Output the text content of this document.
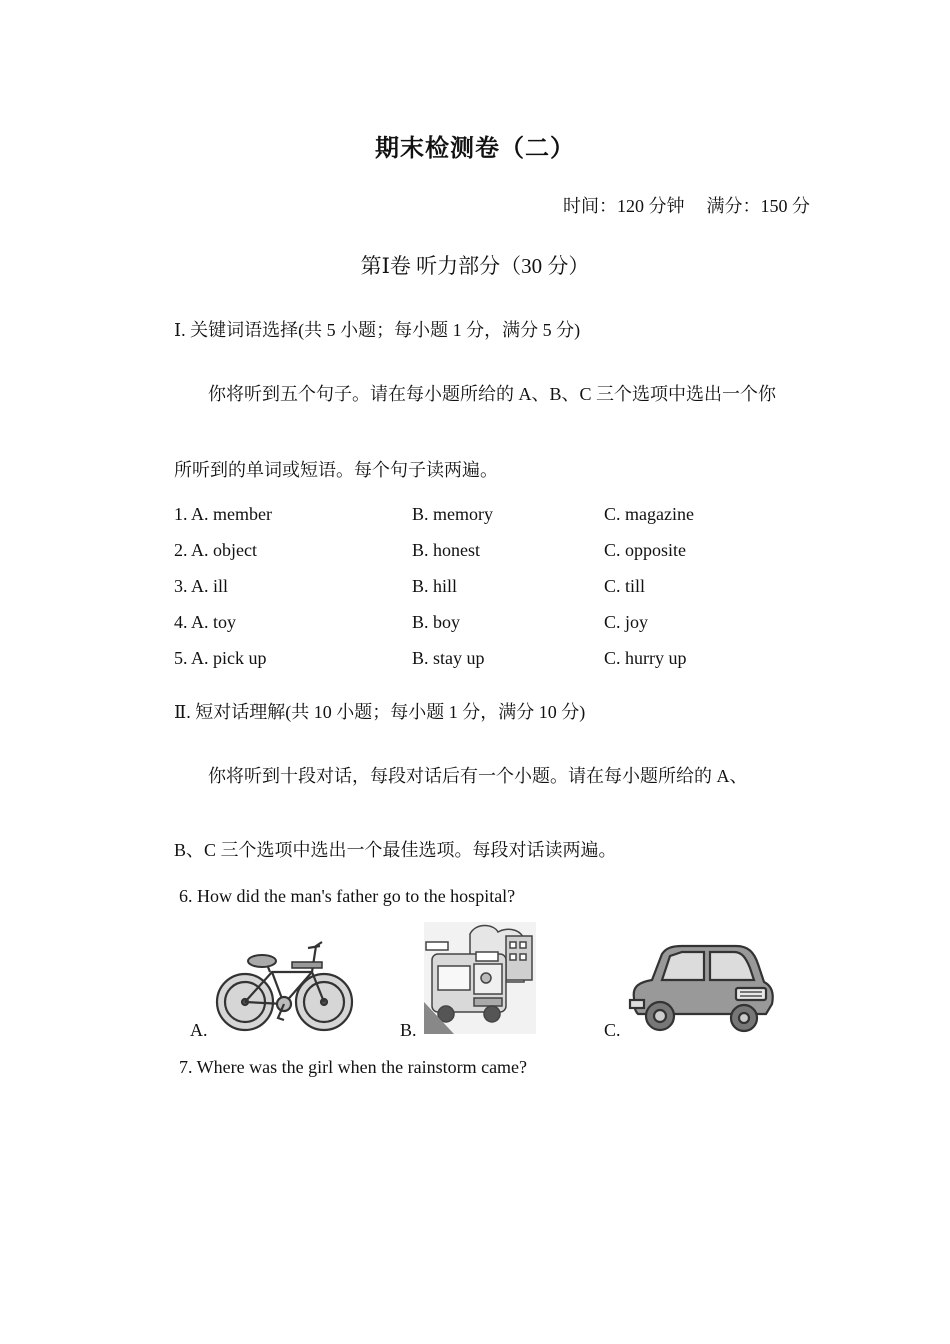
期末检测卷（二）
时间：120 分钟 满分：150 分
第Ⅰ卷 听力部分（30 分）
Ⅰ. 关键词语选择(共 5 小题；每小题 1 分，满分 5 分)
你将听到五个句子。请在每小题所给的 A、B、C 三个选项中选出一个你
所听到的单词或短语。每个句子读两遍。
1. A. member	B. memory	C. magazine
2. A. object	B. honest	C. opposite
3. A. ill	B. hill	C. till
4. A. toy	B. boy	C. joy
5. A. pick up	B. stay up	C. hurry up
Ⅱ. 短对话理解(共 10 小题；每小题 1 分，满分 10 分)
你将听到十段对话，每段对话后有一个小题。请在每小题所给的 A、
B、C 三个选项中选出一个最佳选项。每段对话读两遍。
6. How did the man's father go to the hospital?
A.	B.	C.
7. Where was the girl when the rainstorm came?
